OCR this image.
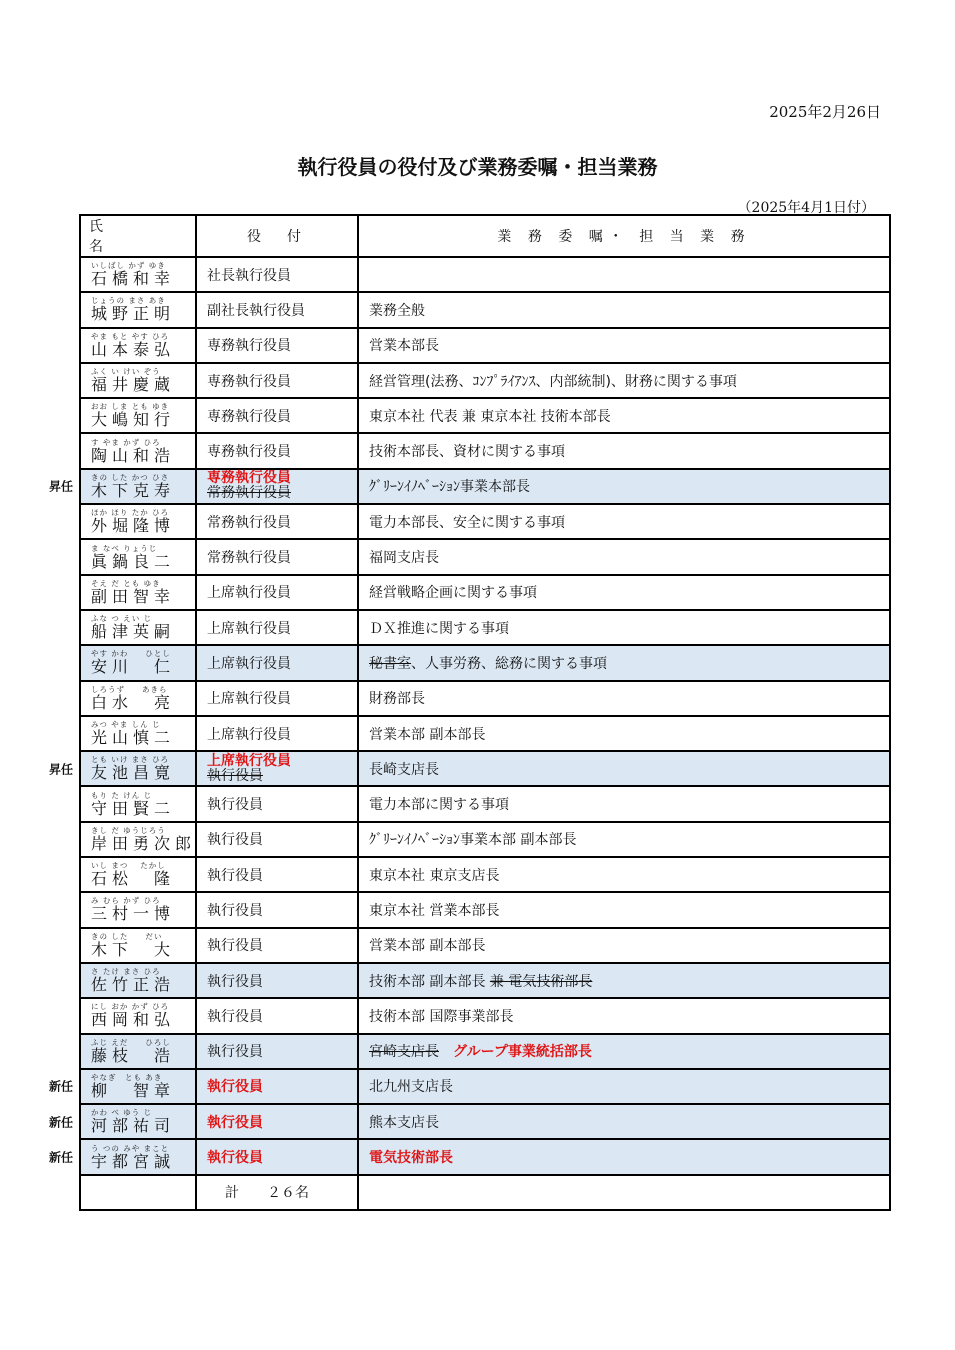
2025年2月26日
執行役員の役付及び業務委嘱・担当業務
（2025年4月1日付）
氏名	役　付	業 務 委 嘱・ 担 当 業 務

いしばし かず ゆき
石橋和幸	社長執行役員	

じょうの まさ あき
城野正明	副社長執行役員	業務全般

やま もと やす ひろ
山本泰弘	専務執行役員	営業本部長

ふく い けい ぞう
福井慶蔵	専務執行役員	経営管理(法務、ｺﾝﾌﾟﾗｲｱﾝｽ、内部統制)、財務に関する事項

おお しま とも ゆき
大嶋知行	専務執行役員	東京本社 代表 兼 東京本社 技術本部長

す やま かず ひろ
陶山和浩	専務執行役員	技術本部長、資材に関する事項

昇任
きの した かつ ひさ
木下克寿	専務執行役員
常務執行役員	ｸﾞﾘｰﾝｲﾉﾍﾞｰｼｮﾝ事業本部長

ほか ほり たか ひろ
外堀隆博	常務執行役員	電力本部長、安全に関する事項

ま なべ りょうじ
眞鍋良二	常務執行役員	福岡支店長

そえ だ とも ゆき
副田智幸	上席執行役員	経営戦略企画に関する事項

ふな つ えい じ
船津英嗣	上席執行役員	ＤＸ推進に関する事項

やす かわ　　ひとし
安川　仁	上席執行役員	秘書室、人事労務、総務に関する事項

しろうず　　あきら
白水　亮	上席執行役員	財務部長

みつ やま しん じ
光山慎二	上席執行役員	営業本部 副本部長

昇任
とも いけ まさ ひろ
友池昌寛	上席執行役員
執行役員	長崎支店長

もり た けん じ
守田賢二	執行役員	電力本部に関する事項

きし だ ゆうじろう
岸田勇次郎	執行役員	ｸﾞﾘｰﾝｲﾉﾍﾞｰｼｮﾝ事業本部 副本部長

いし まつ　 たかし
石松　隆	執行役員	東京本社 東京支店長

み むら かず ひろ
三村一博	執行役員	東京本社 営業本部長

きの した　　だい
木下　大	執行役員	営業本部 副本部長

さ たけ まさ ひろ
佐竹正浩	執行役員	技術本部 副本部長 兼 電気技術部長

にし おか かず ひろ
西岡和弘	執行役員	技術本部 国際事業部長

ふじ えだ　　ひろし
藤枝　浩	執行役員	宮崎支店長 グループ事業統括部長

新任
やなぎ　とも あき
柳　智章	執行役員	北九州支店長

新任
かわ べ ゆう じ
河部祐司	執行役員	熊本支店長

新任
う つの みや まこと
宇都宮誠	執行役員	電気技術部長
	計 ２６名	
